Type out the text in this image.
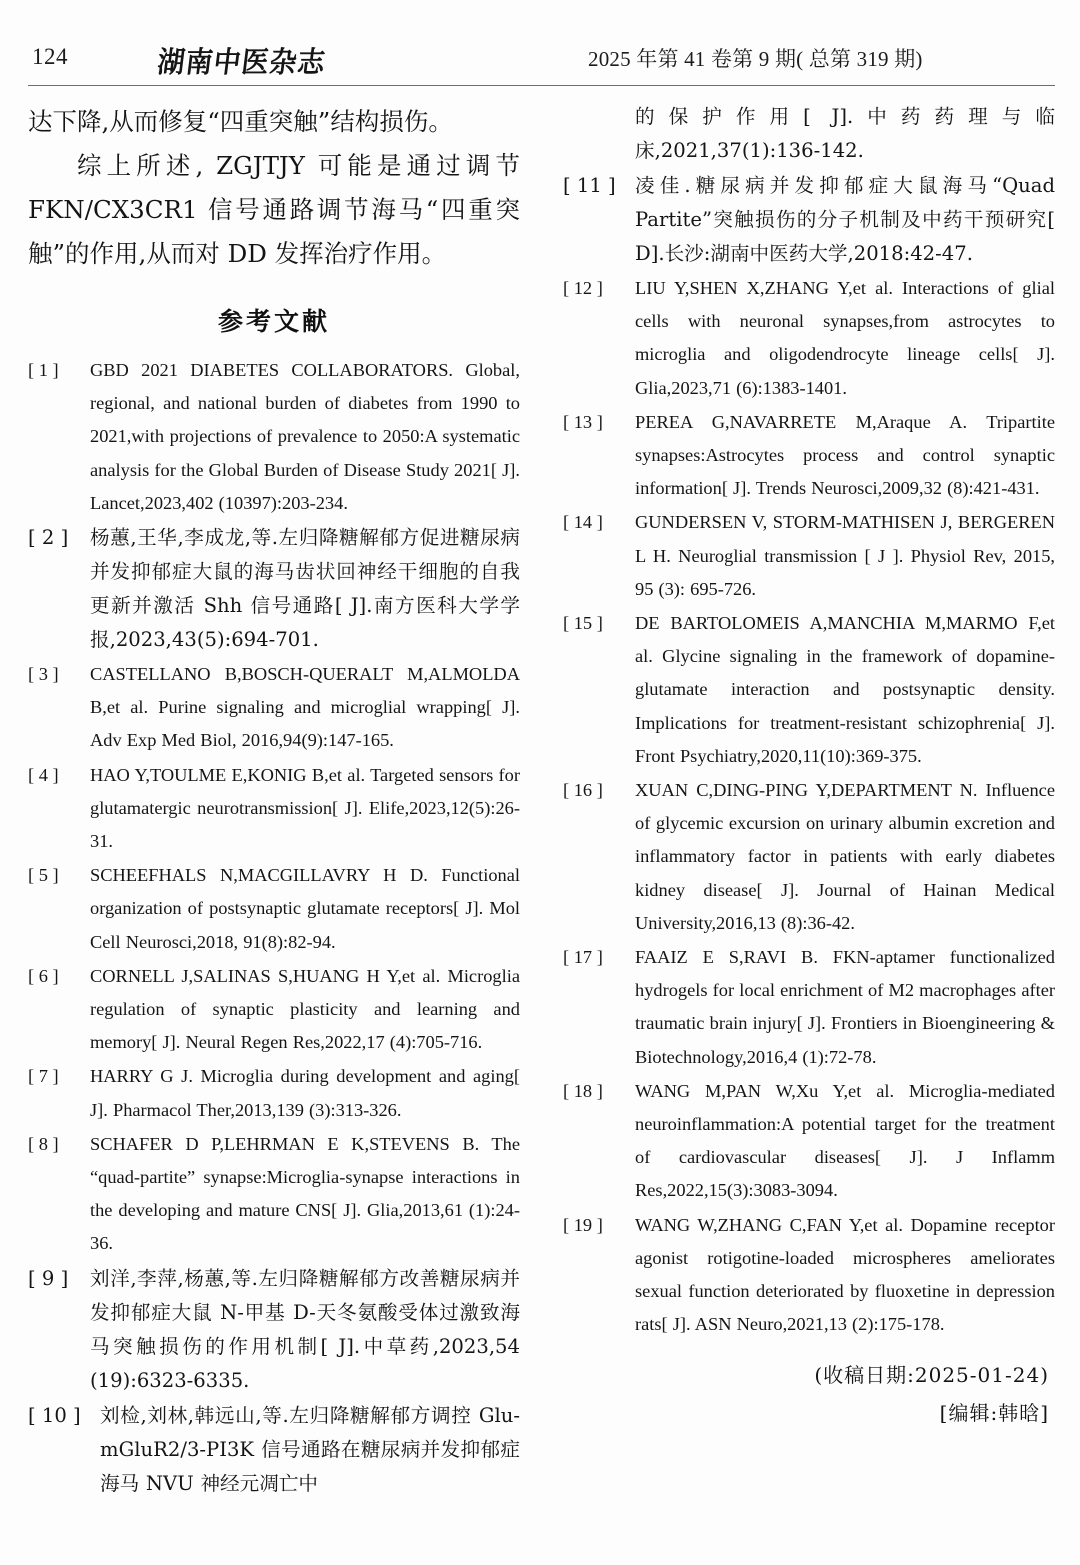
124	湖南中医杂志	2025 年第 41 卷第 9 期( 总第 319 期)

达下降,从而修复“四重突触”结构损伤。

综上所述, ZGJTJY 可能是通过调节 FKN/CX3CR1 信号通路调节海马“四重突触”的作用,从而对 DD 发挥治疗作用。

参考文献
[ 1 ]	GBD 2021 DIABETES COLLABORATORS. Global, regional, and national burden of diabetes from 1990 to 2021,with projections of prevalence to 2050:A systematic analysis for the Global Burden of Disease Study 2021[ J]. Lancet,2023,402 (10397):203-234.
[ 2 ]	杨蕙,王华,李成龙,等.左归降糖解郁方促进糖尿病并发抑郁症大鼠的海马齿状回神经干细胞的自我更新并激活 Shh 信号通路[ J].南方医科大学学报,2023,43(5):694-701.
[ 3 ]	CASTELLANO B,BOSCH-QUERALT M,ALMOLDA B,et al. Purine signaling and microglial wrapping[ J]. Adv Exp Med Biol, 2016,94(9):147-165.
[ 4 ]	HAO Y,TOULME E,KONIG B,et al. Targeted sensors for glutamatergic neurotransmission[ J]. Elife,2023,12(5):26-31.
[ 5 ]	SCHEEFHALS N,MACGILLAVRY H D. Functional organization of postsynaptic glutamate receptors[ J]. Mol Cell Neurosci,2018, 91(8):82-94.
[ 6 ]	CORNELL J,SALINAS S,HUANG H Y,et al. Microglia regulation of synaptic plasticity and learning and memory[ J]. Neural Regen Res,2022,17 (4):705-716.
[ 7 ]	HARRY G J. Microglia during development and aging[ J]. Pharmacol Ther,2013,139 (3):313-326.
[ 8 ]	SCHAFER D P,LEHRMAN E K,STEVENS B. The “quad-partite” synapse:Microglia-synapse interactions in the developing and mature CNS[ J]. Glia,2013,61 (1):24-36.
[ 9 ]	刘洋,李萍,杨蕙,等.左归降糖解郁方改善糖尿病并发抑郁症大鼠 N-甲基 D-天冬氨酸受体过激致海马突触损伤的作用机制[ J].中草药,2023,54 (19):6323-6335.
[ 10 ] 刘检,刘林,韩远山,等.左归降糖解郁方调控 Glu-mGluR2/3-PI3K 信号通路在糖尿病并发抑郁症海马 NVU 神经元凋亡中
的保护作用[ J].中药药理与临床,2021,37(1):136-142.
[ 11 ] 凌佳.糖尿病并发抑郁症大鼠海马“Quad Partite”突触损伤的分子机制及中药干预研究[ D].长沙:湖南中医药大学,2018:42-47.
[ 12 ]	LIU Y,SHEN X,ZHANG Y,et al. Interactions of glial cells with neuronal synapses,from astrocytes to microglia and oligodendrocyte lineage cells[ J]. Glia,2023,71 (6):1383-1401.
[ 13 ]	PEREA G,NAVARRETE M,Araque A. Tripartite synapses:Astrocytes process and control synaptic information[ J]. Trends Neurosci,2009,32 (8):421-431.
[ 14 ]	GUNDERSEN V, STORM-MATHISEN J, BERGEREN L H. Neuroglial transmission [ J ]. Physiol Rev, 2015, 95 (3): 695-726.
[ 15 ]	DE BARTOLOMEIS A,MANCHIA M,MARMO F,et al. Glycine signaling in the framework of dopamine-glutamate interaction and postsynaptic density. Implications for treatment-resistant schizophrenia[ J]. Front Psychiatry,2020,11(10):369-375.
[ 16 ]	XUAN C,DING-PING Y,DEPARTMENT N. Influence of glycemic excursion on urinary albumin excretion and inflammatory factor in patients with early diabetes kidney disease[ J]. Journal of Hainan Medical University,2016,13 (8):36-42.
[ 17 ]	FAAIZ E S,RAVI B. FKN-aptamer functionalized hydrogels for local enrichment of M2 macrophages after traumatic brain injury[ J]. Frontiers in Bioengineering & Biotechnology,2016,4 (1):72-78.
[ 18 ]	WANG M,PAN W,Xu Y,et al. Microglia-mediated neuroinflammation:A potential target for the treatment of cardiovascular diseases[ J]. J Inflamm Res,2022,15(3):3083-3094.
[ 19 ]	WANG W,ZHANG C,FAN Y,et al. Dopamine receptor agonist rotigotine-loaded microspheres ameliorates sexual function deteriorated by fluoxetine in depression rats[ J]. ASN Neuro,2021,13 (2):175-178.
(收稿日期:2025-01-24)
[编辑:韩晗]
